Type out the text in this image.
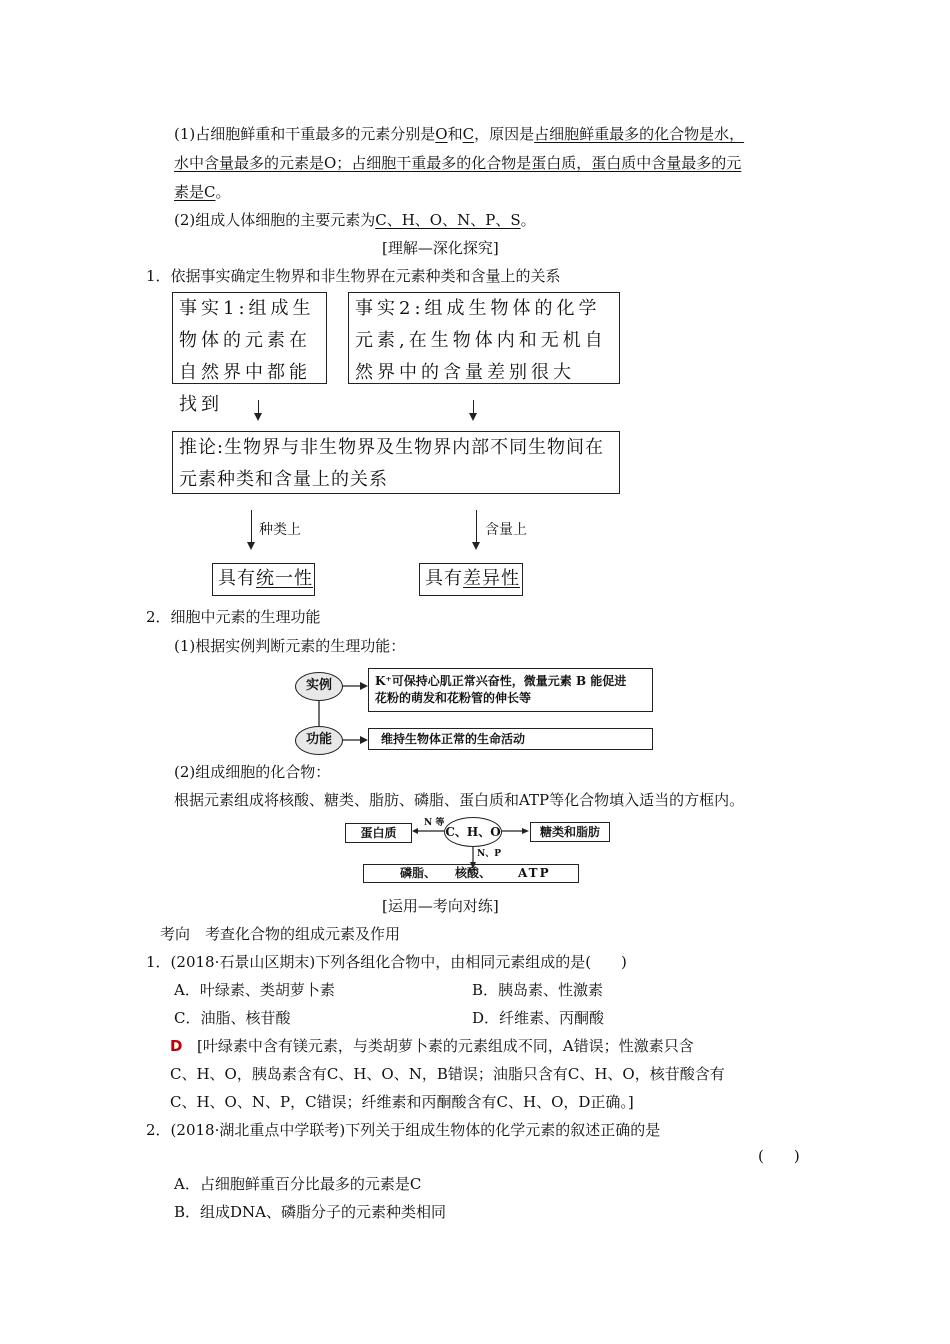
(1)占细胞鲜重和干重最多的元素分别是O和C，原因是占细胞鲜重最多的化合物是水，
水中含量最多的元素是O；占细胞干重最多的化合物是蛋白质，蛋白质中含量最多的元
素是C。
(2)组成人体细胞的主要元素为C、H、O、N、P、S。
[理解—深化探究]
1．依据事实确定生物界和非生物界在元素种类和含量上的关系
事实1:组成生物体的元素在自然界中都能找到
事实2:组成生物体的化学元素,在生物体内和无机自然界中的含量差别很大
推论:生物界与非生物界及生物界内部不同生物间在元素种类和含量上的关系
种类上	含量上
具有统一性	具有差异性
2．细胞中元素的生理功能
(1)根据实例判断元素的生理功能：
实例
功能
K⁺可保持心肌正常兴奋性，微量元素 B 能促进
花粉的萌发和花粉管的伸长等
维持生物体正常的生命活动
(2)组成细胞的化合物：
根据元素组成将核酸、糖类、脂肪、磷脂、蛋白质和ATP等化合物填入适当的方框内。
蛋白质
N 等
C、H、O	糖类和脂肪
N、P
磷脂、 核酸、 ATP
[运用—考向对练]
考向　考查化合物的组成元素及作用
1．(2018·石景山区期末)下列各组化合物中，由相同元素组成的是(　　)
A．叶绿素、类胡萝卜素	B．胰岛素、性激素
C．油脂、核苷酸	D．纤维素、丙酮酸
D [叶绿素中含有镁元素，与类胡萝卜素的元素组成不同，A错误；性激素只含
C、H、O，胰岛素含有C、H、O、N，B错误；油脂只含有C、H、O，核苷酸含有
C、H、O、N、P，C错误；纤维素和丙酮酸含有C、H、O，D正确。]
2．(2018·湖北重点中学联考)下列关于组成生物体的化学元素的叙述正确的是
(　　)
A．占细胞鲜重百分比最多的元素是C
B．组成DNA、磷脂分子的元素种类相同
